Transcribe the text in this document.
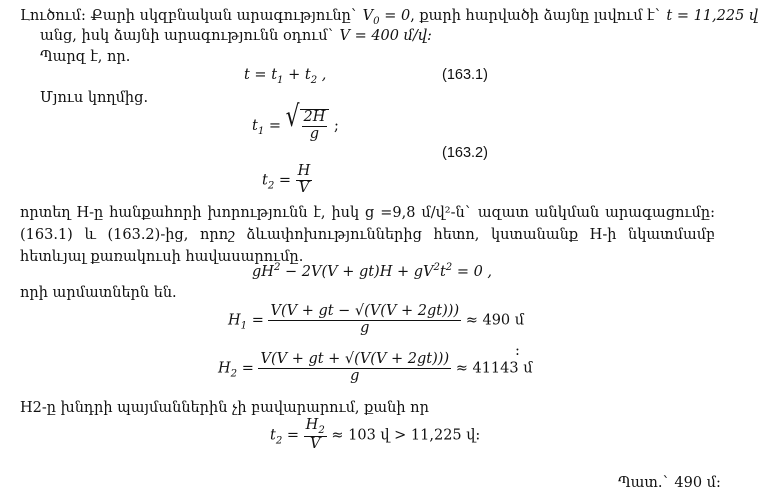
Լուծում: Քարի սկզբնական արագությունը` $V_0 = 0$, քարի հարվածի ձայնը լսվում է` t = 11,225 վ
անց, իսկ ձայնի արագությունն օդում` V = 400 մ/վ:
Պարզ է, որ.
$t = t_1 + t_2$ ,	(163.1)
Մյուս կողմից.
$t_1$ = √ $\frac{2H}{g}$ ;
(163.2)
$t_2 = \frac{H}{V}$
որտեղ H-ը հանքահորի խորությունն է, իսկ g =9,8 մ/վ²-ն` ազատ անկման արագացումը: (163.1) և (163.2)-ից, որոշ ձևափոխություններից հետո, կստանանք H-ի նկատմամբ հետևյալ քառակուսի հավասարումը.
$gH^2 - 2V(V + gt)H + gV^2t^2 = 0$ ,
որի արմատներն են.
$H_1 = \frac{V(V + gt - √(V(V + 2gt)))}{g} \approx 490$ մ
:
$H_2 = \frac{V(V + gt + √(V(V + 2gt)))}{g} \approx 41143$ մ
H2-ը խնդրի պայմաններին չի բավարարում, քանի որ
$t_2 = \frac{H_2}{V} \approx 103$ վ > 11,225 վ:
Պատ.` 490 մ:
